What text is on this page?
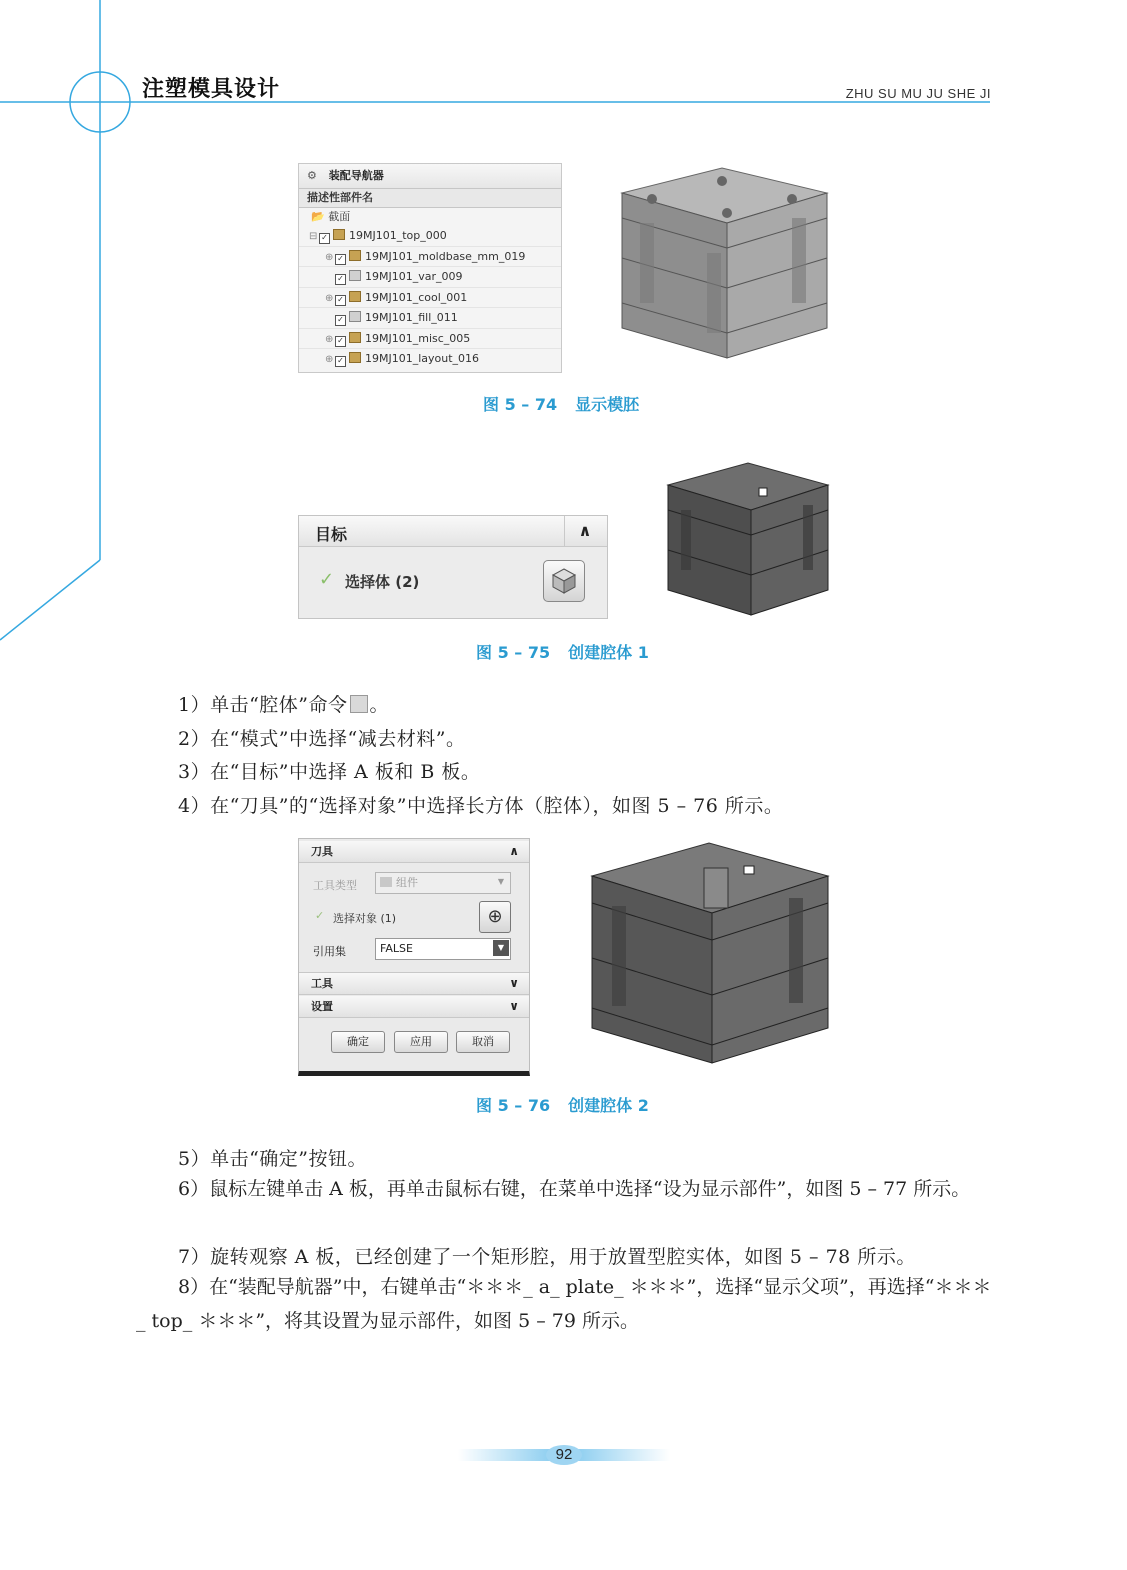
注塑模具设计	ZHU SU MU JU SHE JI
⚙ 装配导航器
描述性部件名
📂 截面
⊟ ✓ 19MJ101_top_000
⊕ ✓ 19MJ101_moldbase_mm_019
✓ 19MJ101_var_009
⊕ ✓ 19MJ101_cool_001
✓ 19MJ101_fill_011
⊕ ✓ 19MJ101_misc_005
⊕ ✓ 19MJ101_layout_016
图 5 – 74 显示模胚
目标	∧
✓ 选择体 (2)
图 5 – 75 创建腔体 1
1）单击“腔体”命令 。
2）在“模式”中选择“减去材料”。
3）在“目标”中选择 A 板和 B 板。
4）在“刀具”的“选择对象”中选择长方体（腔体），如图 5 – 76 所示。
刀具	∧
工具类型	组件	▼
✓ 选择对象 (1)	⊕
引用集	FALSE	▼
工具	∨
设置	∨
确定	应用	取消
图 5 – 76 创建腔体 2
5）单击“确定”按钮。
6）鼠标左键单击 A 板，再单击鼠标右键，在菜单中选择“设为显示部件”，如图 5 – 77 所示。
7）旋转观察 A 板，已经创建了一个矩形腔，用于放置型腔实体，如图 5 – 78 所示。
8）在“装配导航器”中，右键单击“＊＊＊_ a_ plate_ ＊＊＊”，选择“显示父项”，再选择“＊＊＊_ top_ ＊＊＊”，将其设置为显示部件，如图 5 – 79 所示。
92
